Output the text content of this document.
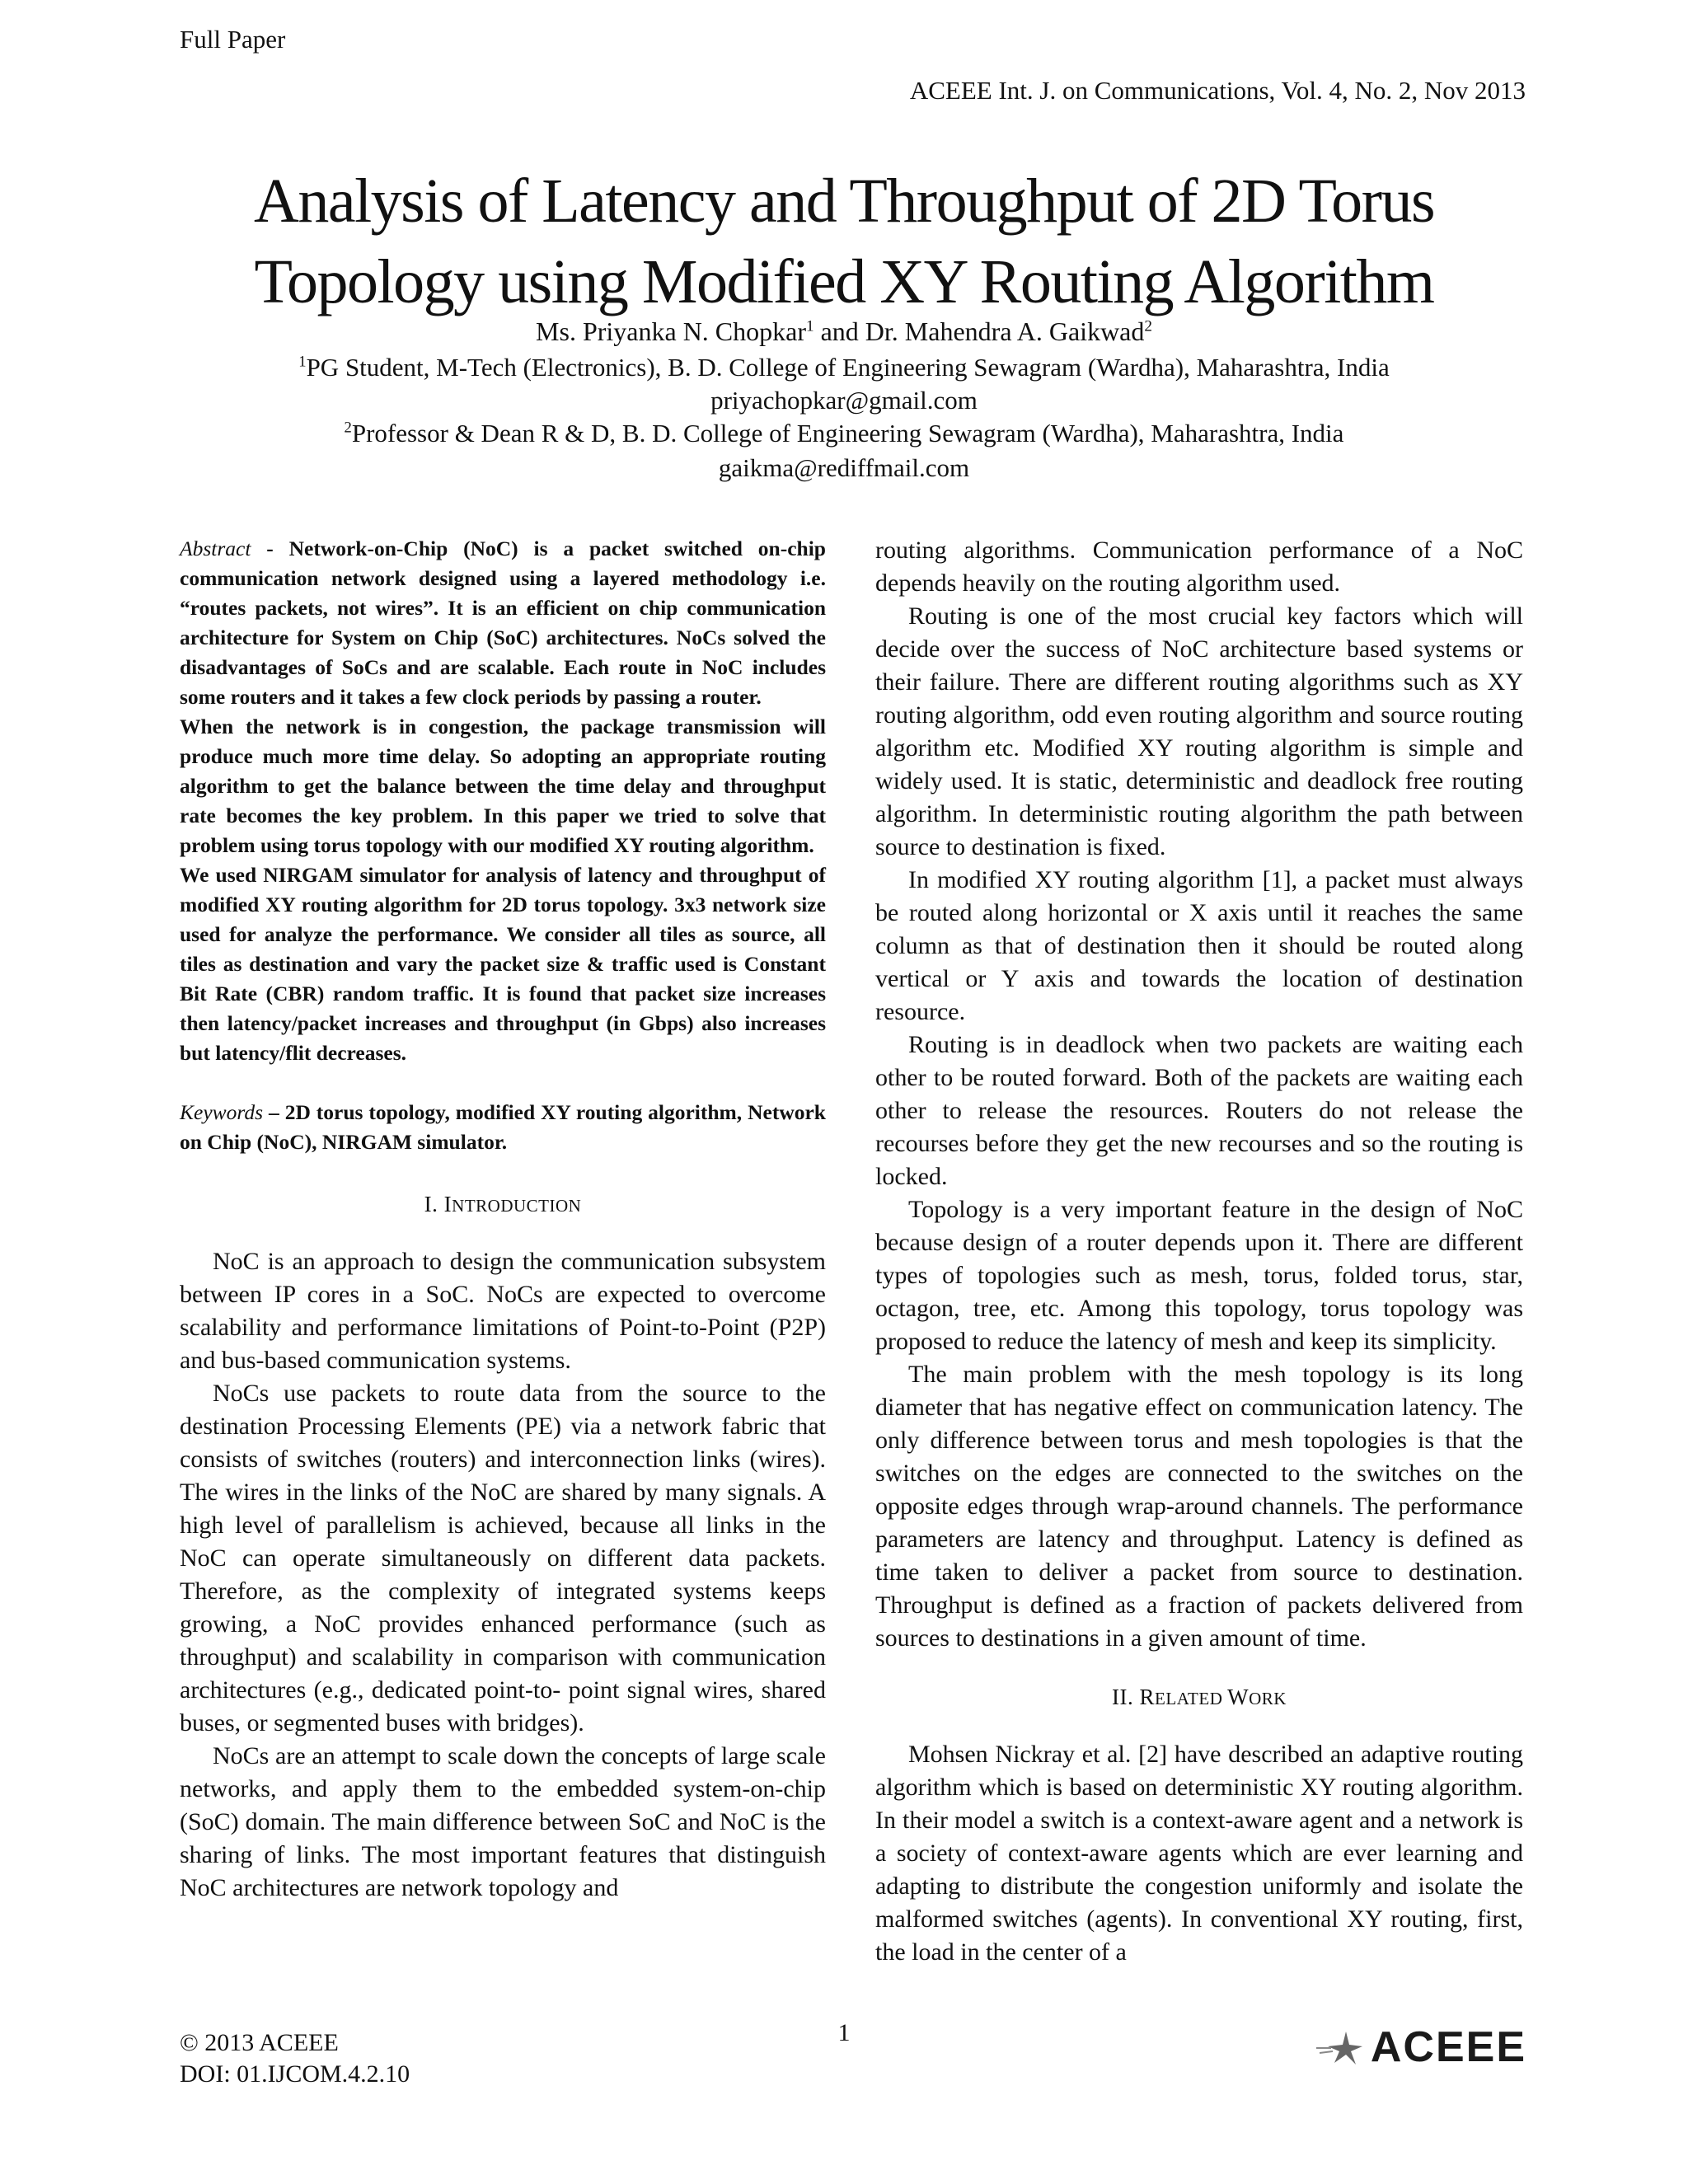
Full Paper
ACEEE Int. J. on Communications, Vol. 4, No. 2, Nov 2013
Analysis of Latency and Throughput of 2D Torus
Topology using Modified XY Routing Algorithm
Ms. Priyanka N. Chopkar$^1$ and Dr. Mahendra A. Gaikwad$^2$
$^1$PG Student, M-Tech (Electronics), B. D. College of Engineering Sewagram (Wardha), Maharashtra, India
priyachopkar@gmail.com
$^2$Professor & Dean R & D, B. D. College of Engineering Sewagram (Wardha), Maharashtra, India
gaikma@rediffmail.com

Abstract - Network-on-Chip (NoC) is a packet switched on-chip communication network designed using a layered methodology i.e. “routes packets, not wires”. It is an efficient on chip communication architecture for System on Chip (SoC) architectures. NoCs solved the disadvantages of SoCs and are scalable. Each route in NoC includes some routers and it takes a few clock periods by passing a router.

When the network is in congestion, the package transmission will produce much more time delay. So adopting an appropriate routing algorithm to get the balance between the time delay and throughput rate becomes the key problem. In this paper we tried to solve that problem using torus topology with our modified XY routing algorithm.

We used NIRGAM simulator for analysis of latency and throughput of modified XY routing algorithm for 2D torus topology. 3x3 network size used for analyze the performance. We consider all tiles as source, all tiles as destination and vary the packet size & traffic used is Constant Bit Rate (CBR) random traffic. It is found that packet size increases then latency/packet increases and throughput (in Gbps) also increases but latency/flit decreases.

Keywords – 2D torus topology, modified XY routing algorithm, Network on Chip (NoC), NIRGAM simulator.

I. INTRODUCTION

NoC is an approach to design the communication subsystem between IP cores in a SoC. NoCs are expected to overcome scalability and performance limitations of Point-to-Point (P2P) and bus-based communication systems.

NoCs use packets to route data from the source to the destination Processing Elements (PE) via a network fabric that consists of switches (routers) and interconnection links (wires). The wires in the links of the NoC are shared by many signals. A high level of parallelism is achieved, because all links in the NoC can operate simultaneously on different data packets. Therefore, as the complexity of integrated systems keeps growing, a NoC provides enhanced performance (such as throughput) and scalability in comparison with communication architectures (e.g., dedicated point-to- point signal wires, shared buses, or segmented buses with bridges).

NoCs are an attempt to scale down the concepts of large scale networks, and apply them to the embedded system-on-chip (SoC) domain. The main difference between SoC and NoC is the sharing of links. The most important features that distinguish NoC architectures are network topology and

routing algorithms. Communication performance of a NoC depends heavily on the routing algorithm used.

Routing is one of the most crucial key factors which will decide over the success of NoC architecture based systems or their failure. There are different routing algorithms such as XY routing algorithm, odd even routing algorithm and source routing algorithm etc. Modified XY routing algorithm is simple and widely used. It is static, deterministic and deadlock free routing algorithm. In deterministic routing algorithm the path between source to destination is fixed.

In modified XY routing algorithm [1], a packet must always be routed along horizontal or X axis until it reaches the same column as that of destination then it should be routed along vertical or Y axis and towards the location of destination resource.

Routing is in deadlock when two packets are waiting each other to be routed forward. Both of the packets are waiting each other to release the resources. Routers do not release the recourses before they get the new recourses and so the routing is locked.

Topology is a very important feature in the design of NoC because design of a router depends upon it. There are different types of topologies such as mesh, torus, folded torus, star, octagon, tree, etc. Among this topology, torus topology was proposed to reduce the latency of mesh and keep its simplicity.

The main problem with the mesh topology is its long diameter that has negative effect on communication latency. The only difference between torus and mesh topologies is that the switches on the edges are connected to the switches on the opposite edges through wrap-around channels. The performance parameters are latency and throughput. Latency is defined as time taken to deliver a packet from source to destination. Throughput is defined as a fraction of packets delivered from sources to destinations in a given amount of time.

II. RELATED WORK

Mohsen Nickray et al. [2] have described an adaptive routing algorithm which is based on deterministic XY routing algorithm. In their model a switch is a context-aware agent and a network is a society of context-aware agents which are ever learning and adapting to distribute the congestion uniformly and isolate the malformed switches (agents). In conventional XY routing, first, the load in the center of a

1
© 2013 ACEEE
DOI: 01.IJCOM.4.2.10
ACEEE
